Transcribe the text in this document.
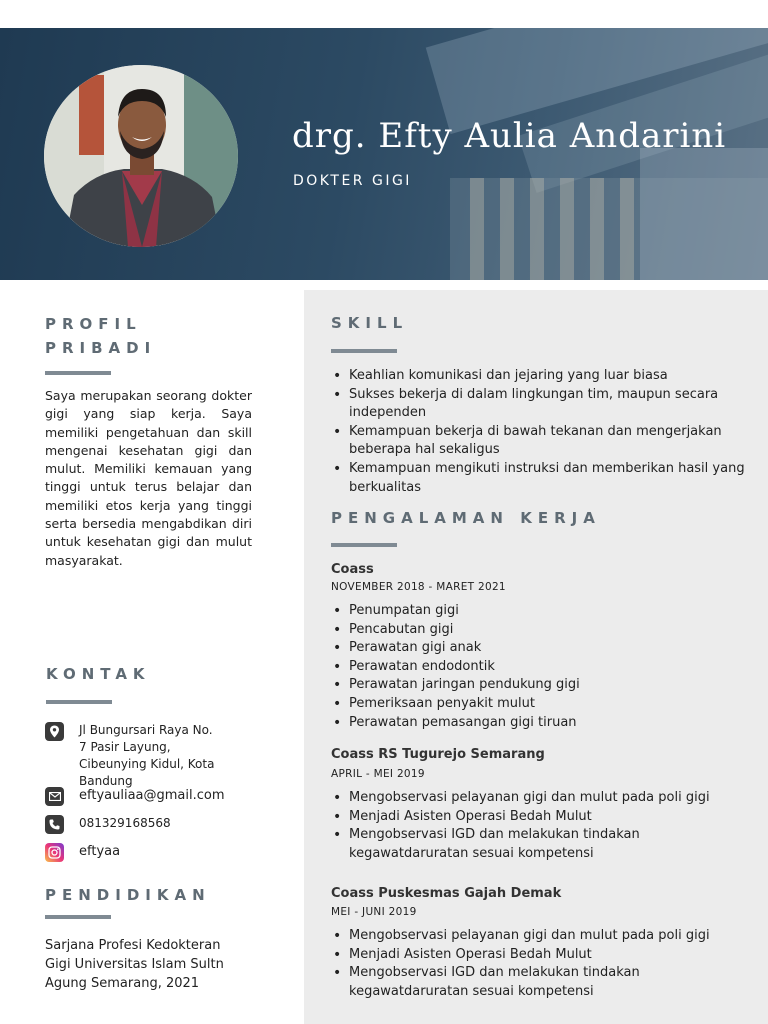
drg. Efty Aulia Andarini
DOKTER GIGI
PROFIL
PRIBADI
Saya merupakan seorang dokter gigi yang siap kerja. Saya memiliki pengetahuan dan skill mengenai kesehatan gigi dan mulut. Memiliki kemauan yang tinggi untuk terus belajar dan memiliki etos kerja yang tinggi serta bersedia mengabdikan diri untuk kesehatan gigi dan mulut masyarakat.
KONTAK
Jl Bungursari Raya No.
7 Pasir Layung,
Cibeunying Kidul, Kota
Bandung
eftyauliaa@gmail.com
081329168568
eftyaa
PENDIDIKAN
Sarjana Profesi Kedokteran
Gigi Universitas Islam Sultn
Agung Semarang, 2021
SKILL
• Keahlian komunikasi dan jejaring yang luar biasa
• Sukses bekerja di dalam lingkungan tim, maupun secara independen
• Kemampuan bekerja di bawah tekanan dan mengerjakan beberapa hal sekaligus
• Kemampuan mengikuti instruksi dan memberikan hasil yang berkualitas
PENGALAMAN KERJA
Coass
NOVEMBER 2018 - MARET 2021
• Penumpatan gigi
• Pencabutan gigi
• Perawatan gigi anak
• Perawatan endodontik
• Perawatan jaringan pendukung gigi
• Pemeriksaan penyakit mulut
• Perawatan pemasangan gigi tiruan
Coass RS Tugurejo Semarang
APRIL - MEI 2019
• Mengobservasi pelayanan gigi dan mulut pada poli gigi
• Menjadi Asisten Operasi Bedah Mulut
• Mengobservasi IGD dan melakukan tindakan kegawatdaruratan sesuai kompetensi
Coass Puskesmas Gajah Demak
MEI - JUNI 2019
• Mengobservasi pelayanan gigi dan mulut pada poli gigi
• Menjadi Asisten Operasi Bedah Mulut
• Mengobservasi IGD dan melakukan tindakan kegawatdaruratan sesuai kompetensi
